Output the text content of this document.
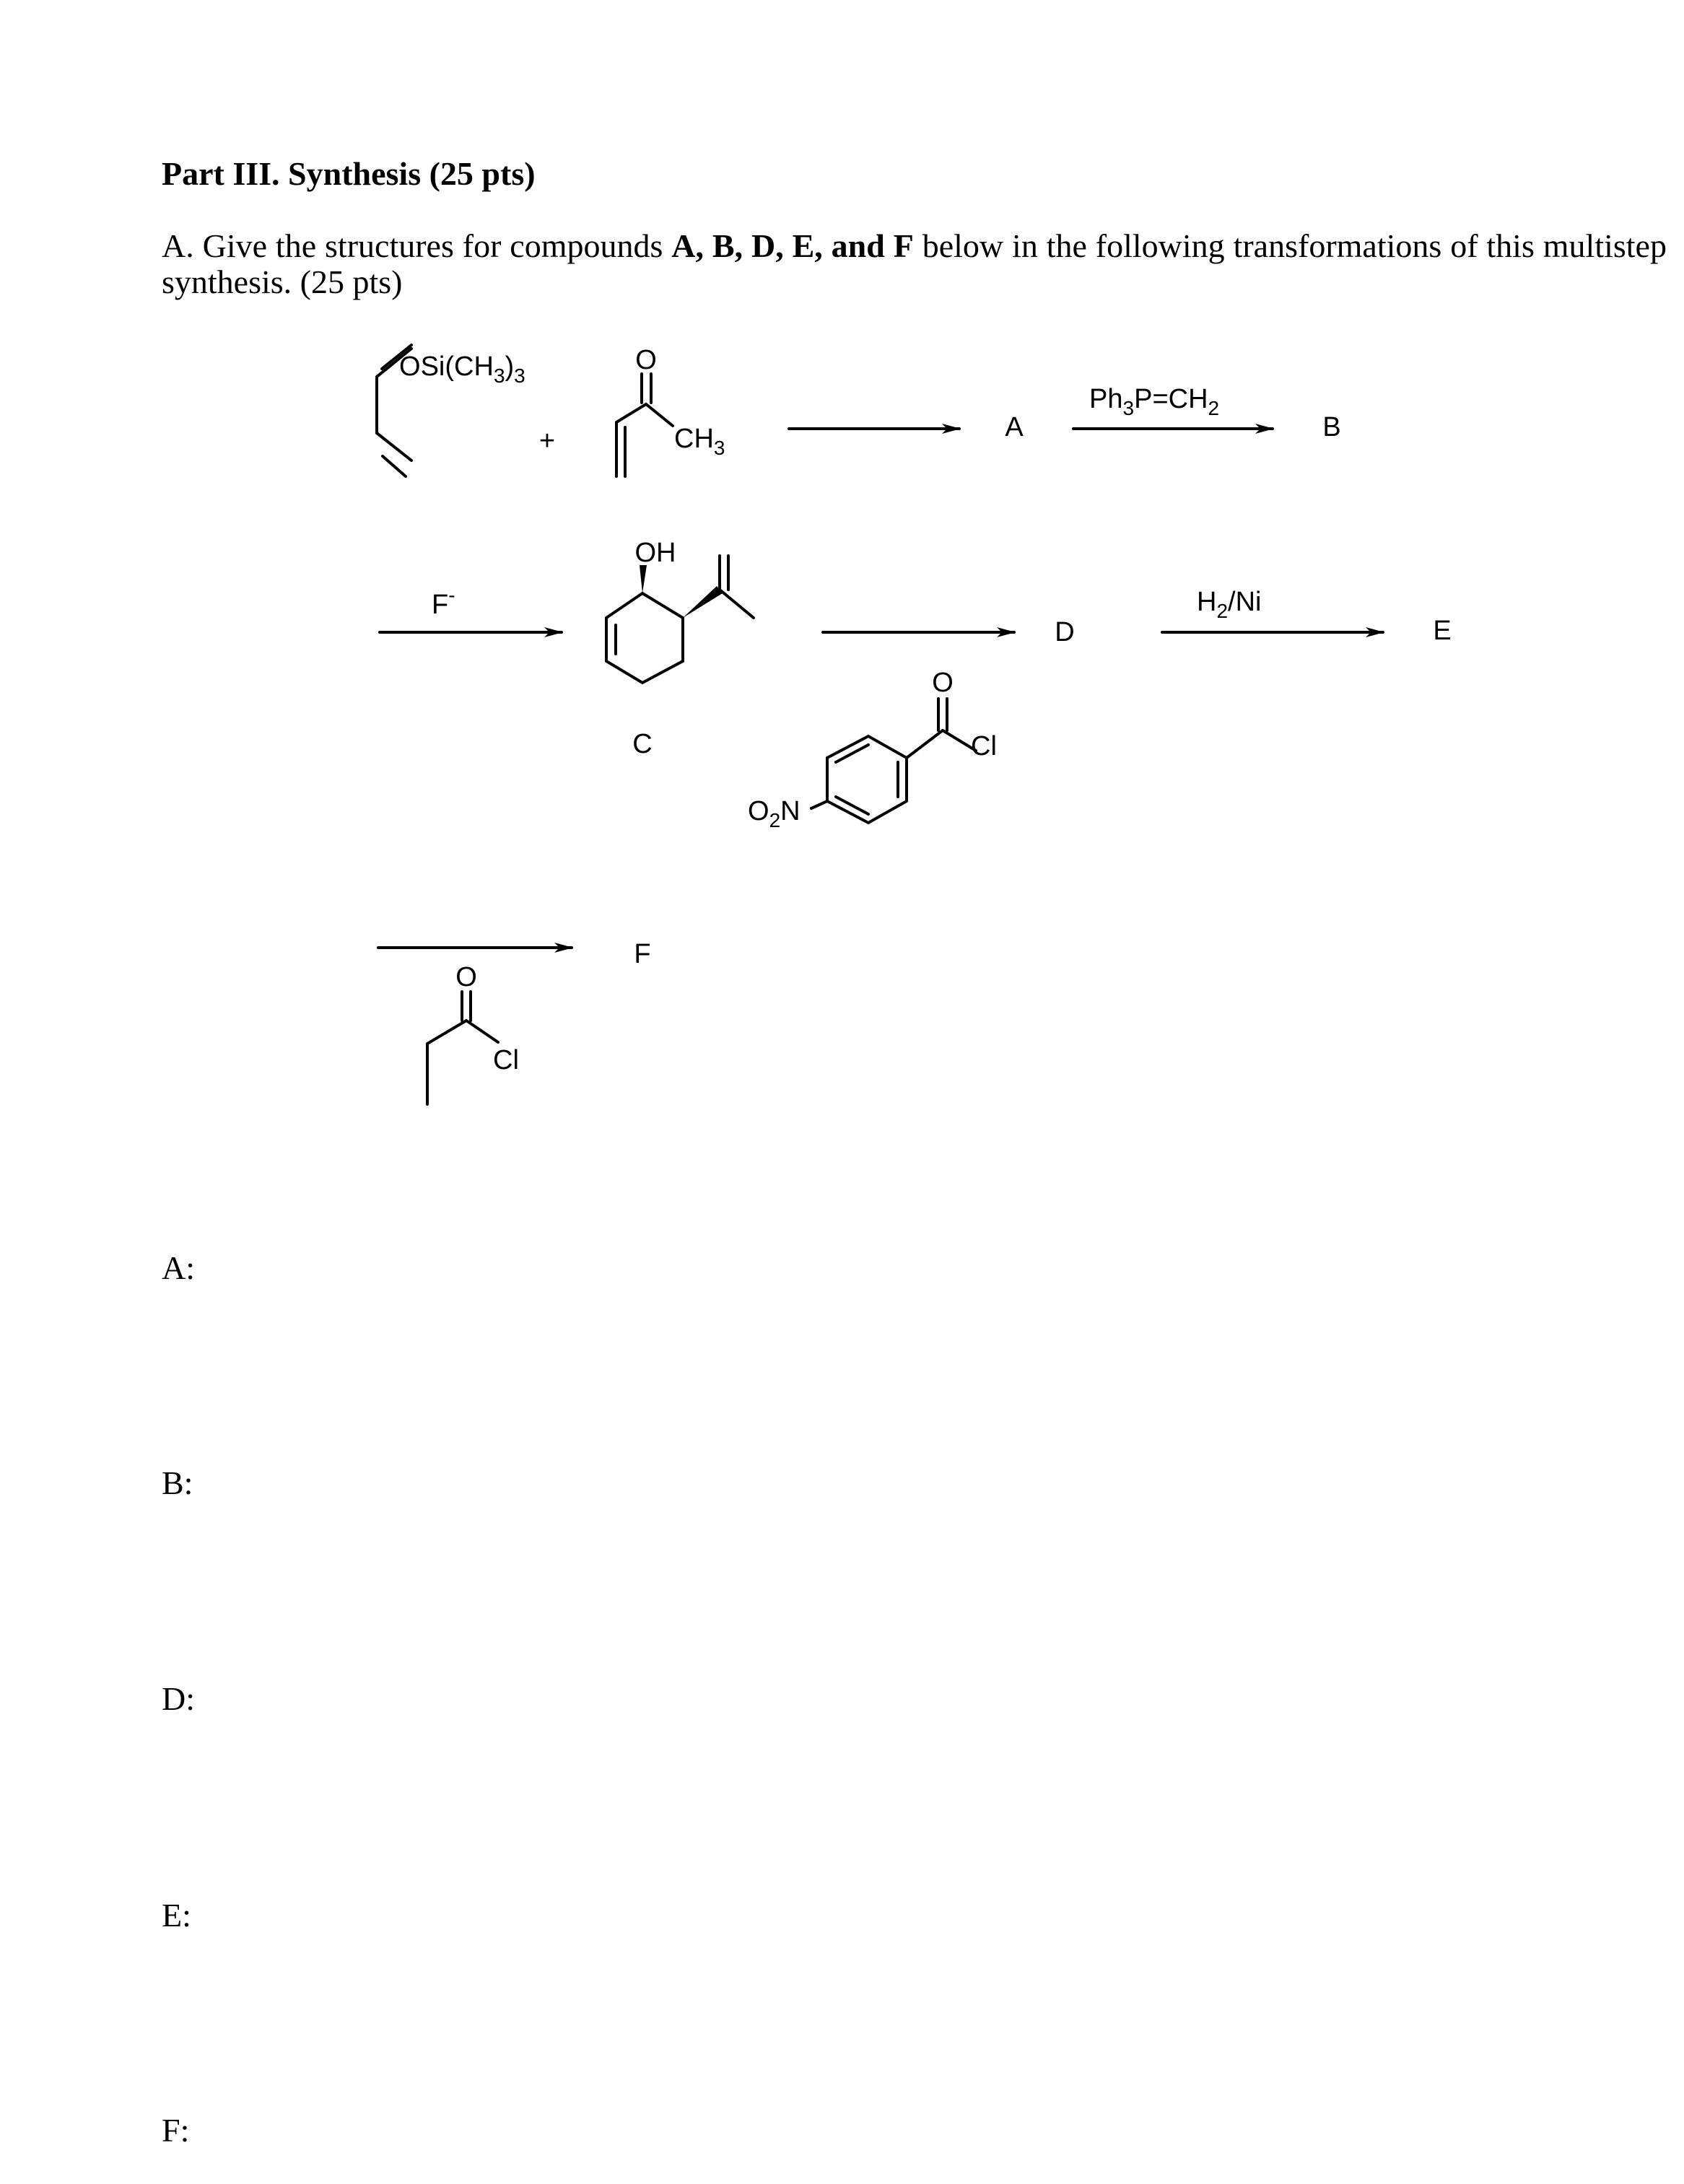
Part III. Synthesis (25 pts)
A. Give the structures for compounds A, B, D, E, and F below in the following transformations of this multistep synthesis. (25 pts)
$OSi(CH_3)_3$
+
O
$CH_3$
A
$Ph_3P=CH_2$
B
F-
OH
C
O
Cl
$O_2N$
D
$H_2/Ni$
E
O
Cl
F
A:
B:
D:
E:
F:
